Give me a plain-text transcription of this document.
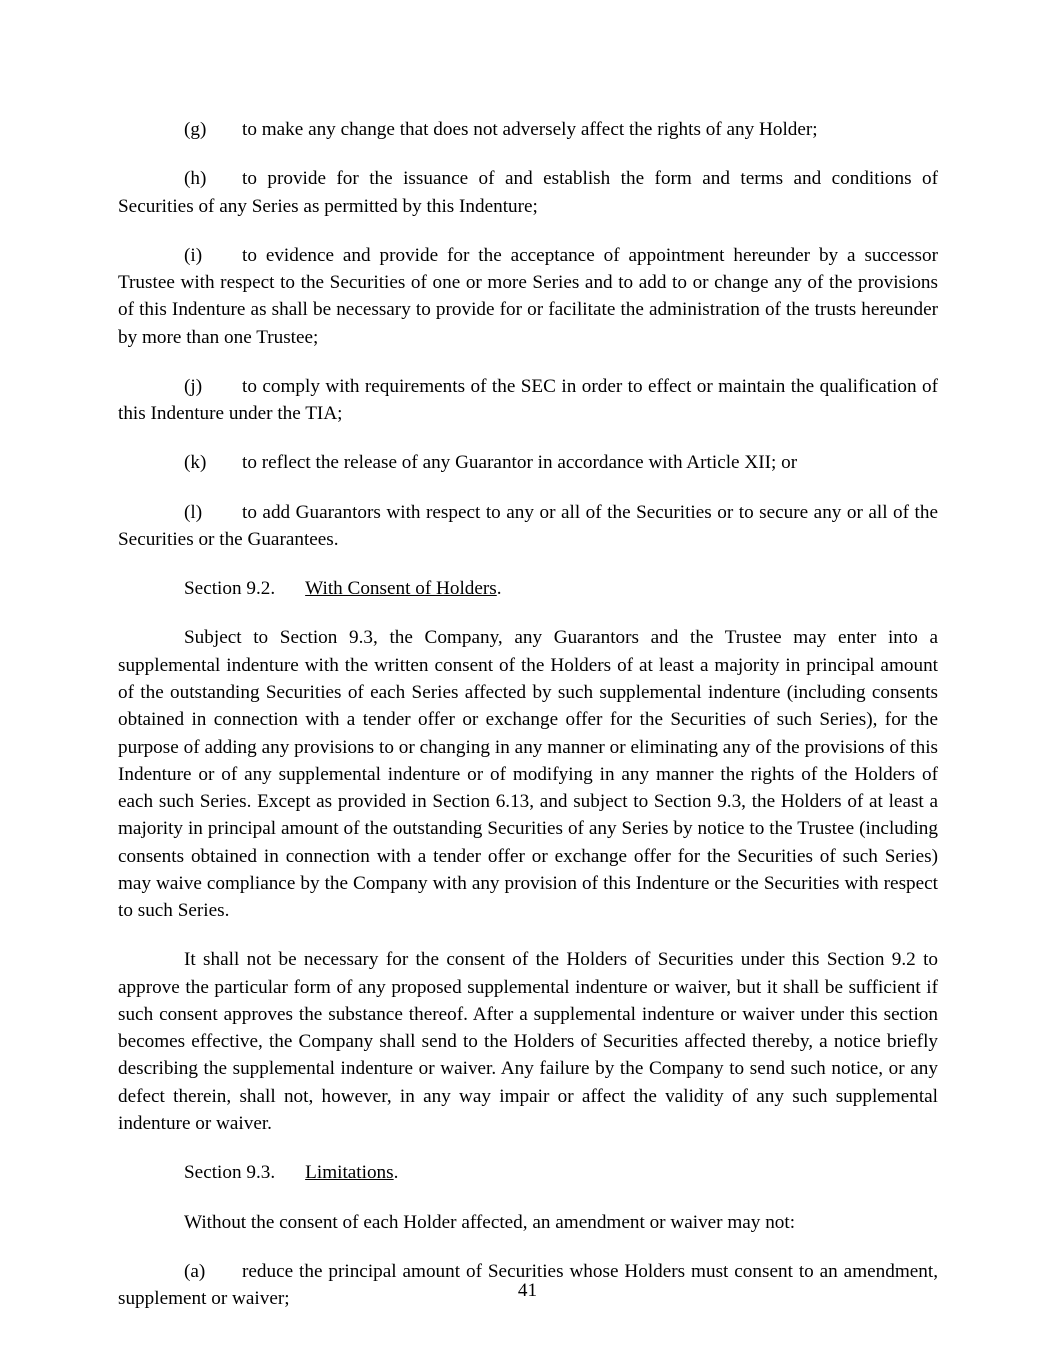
(g) to make any change that does not adversely affect the rights of any Holder;

(h) to provide for the issuance of and establish the form and terms and conditions of Securities of any Series as permitted by this Indenture;

(i) to evidence and provide for the acceptance of appointment hereunder by a successor Trustee with respect to the Securities of one or more Series and to add to or change any of the provisions of this Indenture as shall be necessary to provide for or facilitate the administration of the trusts hereunder by more than one Trustee;

(j) to comply with requirements of the SEC in order to effect or maintain the qualification of this Indenture under the TIA;

(k) to reflect the release of any Guarantor in accordance with Article XII; or

(l) to add Guarantors with respect to any or all of the Securities or to secure any or all of the Securities or the Guarantees.

Section 9.2. With Consent of Holders.

Subject to Section 9.3, the Company, any Guarantors and the Trustee may enter into a supplemental indenture with the written consent of the Holders of at least a majority in principal amount of the outstanding Securities of each Series affected by such supplemental indenture (including consents obtained in connection with a tender offer or exchange offer for the Securities of such Series), for the purpose of adding any provisions to or changing in any manner or eliminating any of the provisions of this Indenture or of any supplemental indenture or of modifying in any manner the rights of the Holders of each such Series. Except as provided in Section 6.13, and subject to Section 9.3, the Holders of at least a majority in principal amount of the outstanding Securities of any Series by notice to the Trustee (including consents obtained in connection with a tender offer or exchange offer for the Securities of such Series) may waive compliance by the Company with any provision of this Indenture or the Securities with respect to such Series.

It shall not be necessary for the consent of the Holders of Securities under this Section 9.2 to approve the particular form of any proposed supplemental indenture or waiver, but it shall be sufficient if such consent approves the substance thereof. After a supplemental indenture or waiver under this section becomes effective, the Company shall send to the Holders of Securities affected thereby, a notice briefly describing the supplemental indenture or waiver. Any failure by the Company to send such notice, or any defect therein, shall not, however, in any way impair or affect the validity of any such supplemental indenture or waiver.

Section 9.3. Limitations.

Without the consent of each Holder affected, an amendment or waiver may not:

(a) reduce the principal amount of Securities whose Holders must consent to an amendment, supplement or waiver;	41
